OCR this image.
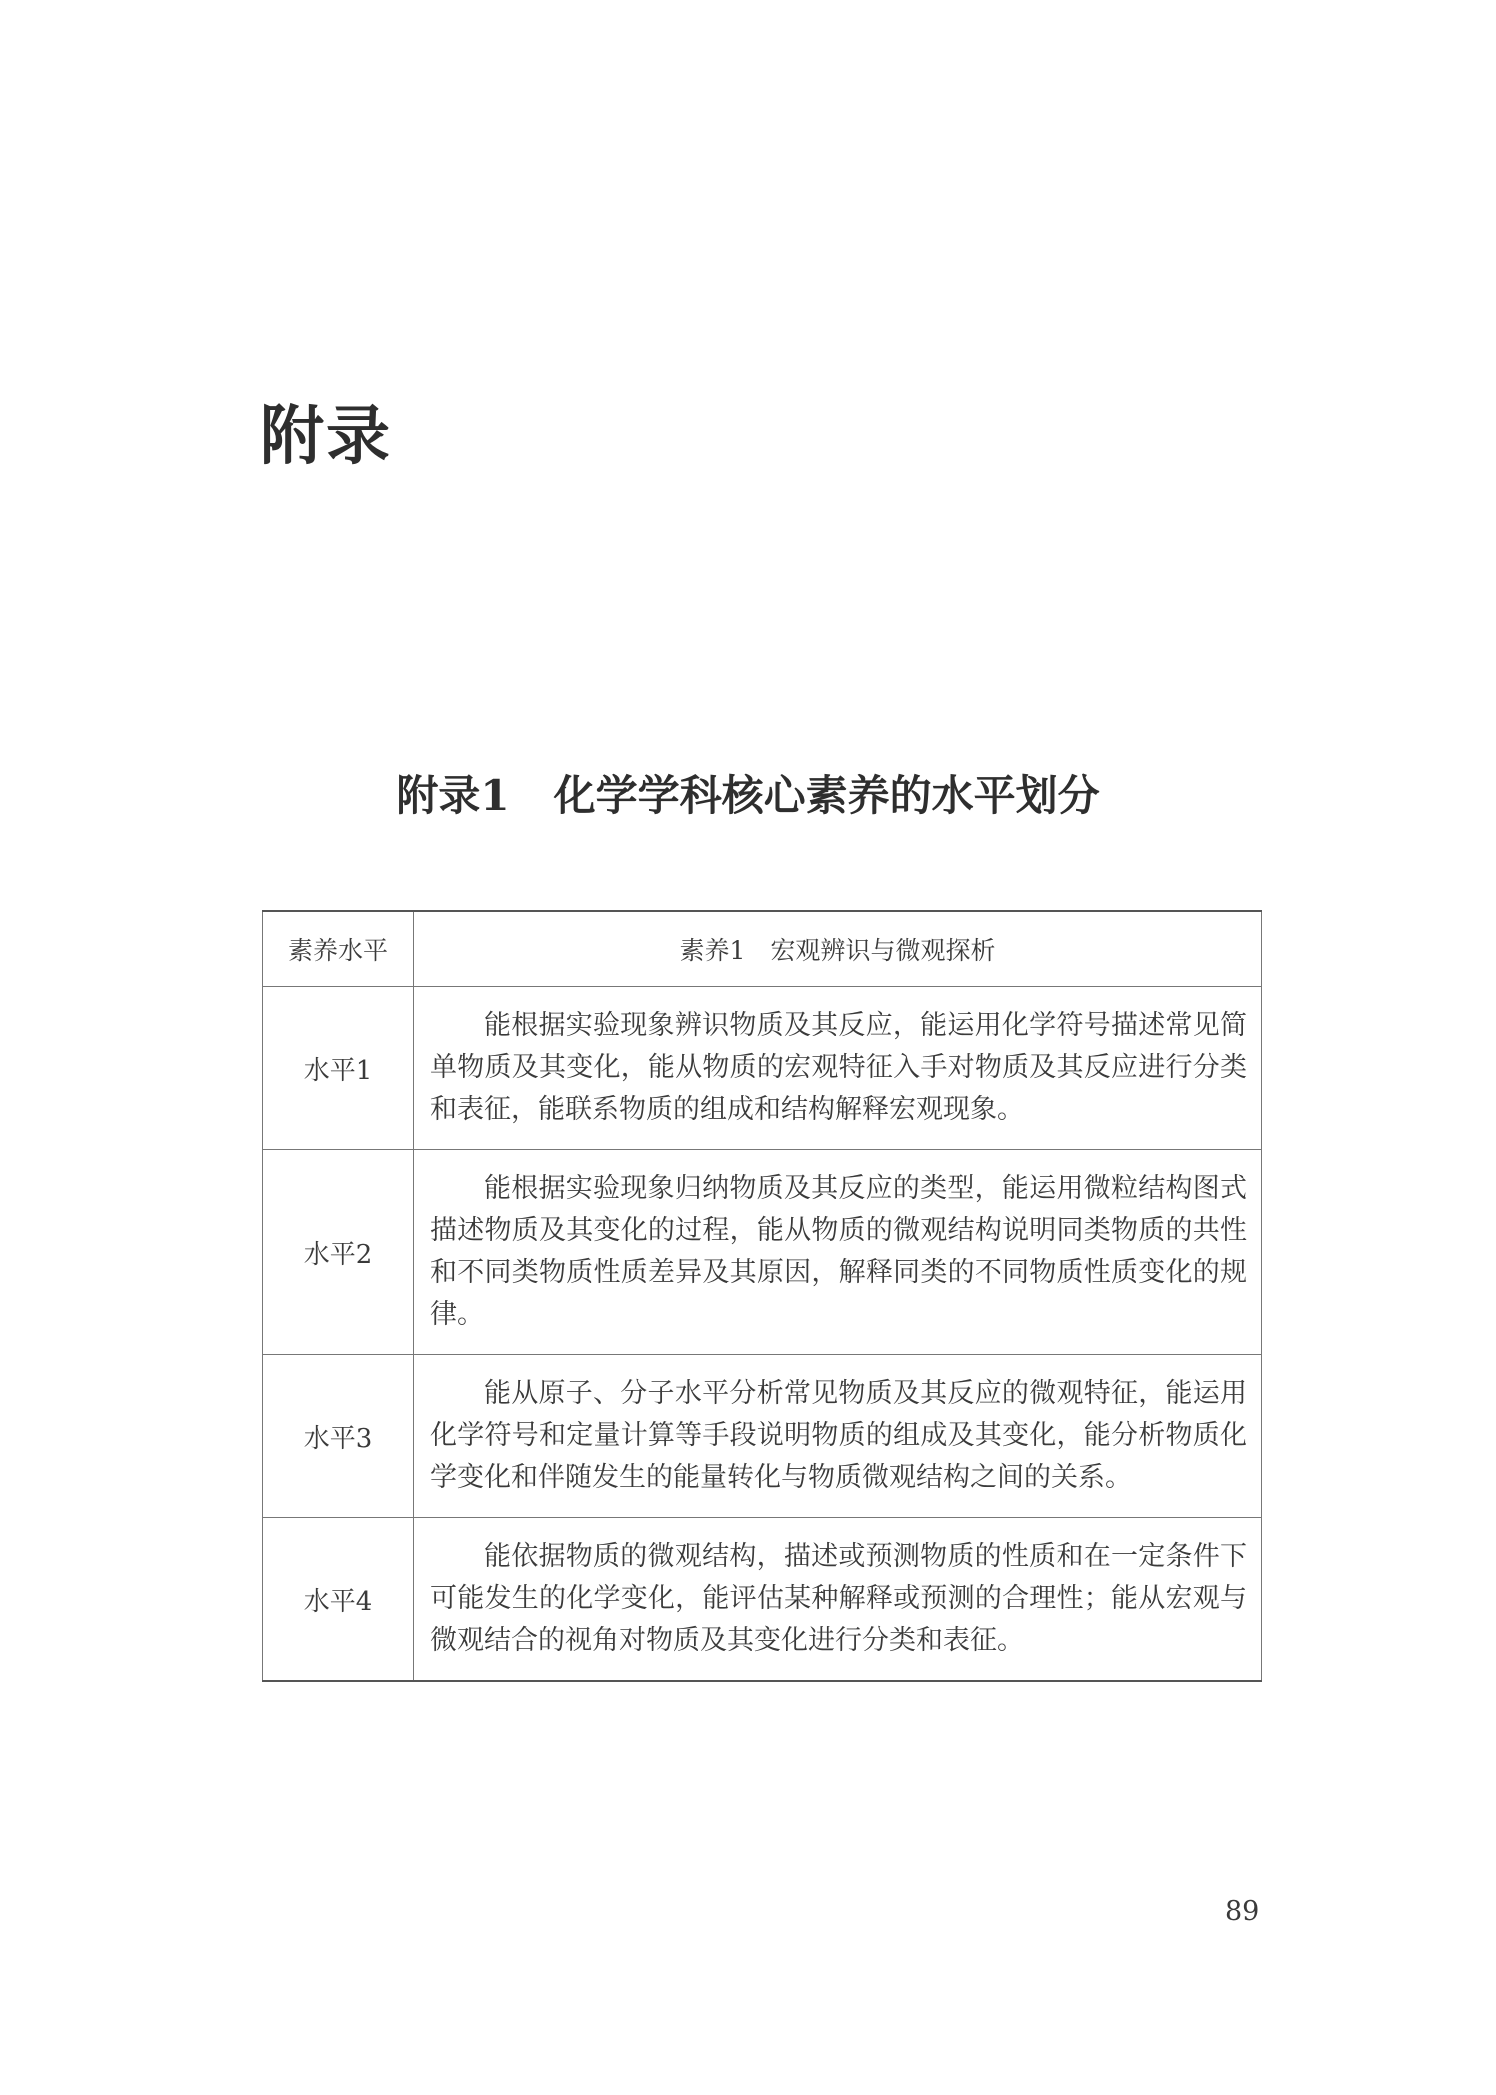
附录
附录1 化学学科核心素养的水平划分
素养水平	素养1　宏观辨识与微观探析
水平1	能根据实验现象辨识物质及其反应，能运用化学符号描述常见简单物质及其变化，能从物质的宏观特征入手对物质及其反应进行分类和表征，能联系物质的组成和结构解释宏观现象。
水平2	能根据实验现象归纳物质及其反应的类型，能运用微粒结构图式描述物质及其变化的过程，能从物质的微观结构说明同类物质的共性和不同类物质性质差异及其原因，解释同类的不同物质性质变化的规律。
水平3	能从原子、分子水平分析常见物质及其反应的微观特征，能运用化学符号和定量计算等手段说明物质的组成及其变化，能分析物质化学变化和伴随发生的能量转化与物质微观结构之间的关系。
水平4	能依据物质的微观结构，描述或预测物质的性质和在一定条件下可能发生的化学变化，能评估某种解释或预测的合理性；能从宏观与微观结合的视角对物质及其变化进行分类和表征。
89
